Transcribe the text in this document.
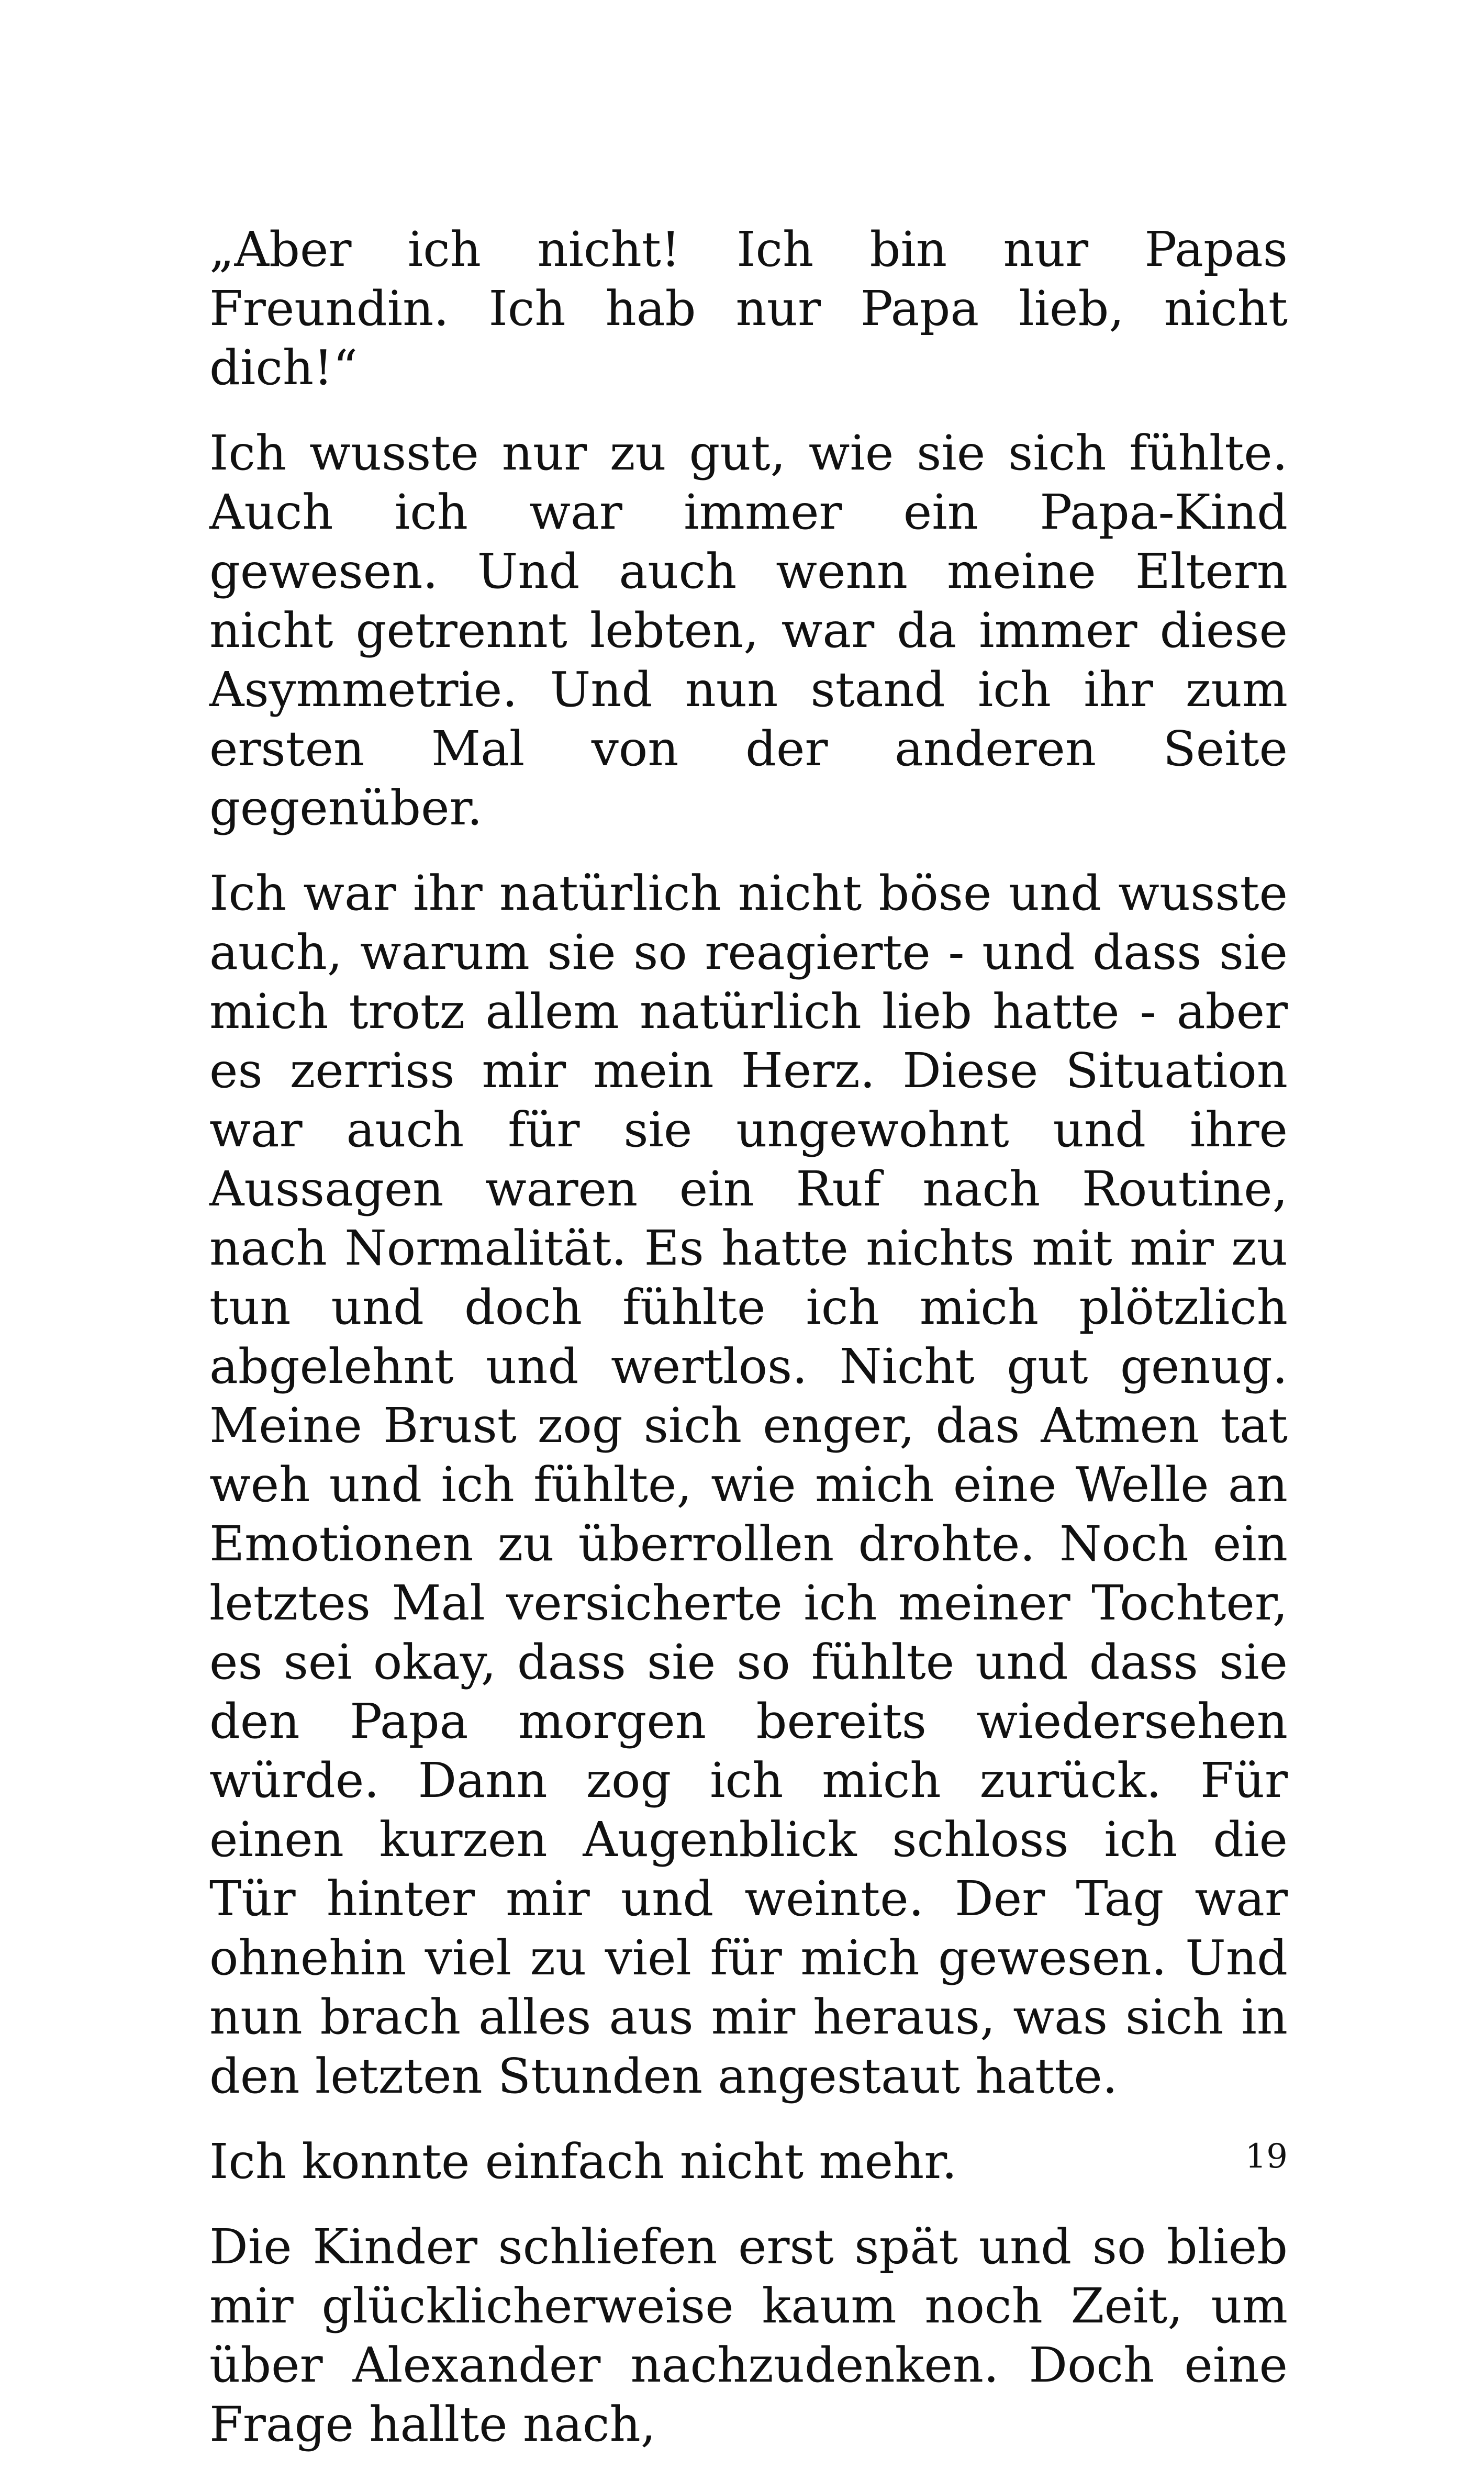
„Aber ich nicht! Ich bin nur Papas Freundin. Ich hab nur Papa lieb, nicht dich!“

Ich wusste nur zu gut, wie sie sich fühlte. Auch ich war immer ein Papa-Kind gewesen. Und auch wenn meine Eltern nicht getrennt lebten, war da immer diese Asymmetrie. Und nun stand ich ihr zum ersten Mal von der anderen Seite gegenüber.

Ich war ihr natürlich nicht böse und wusste auch, warum sie so reagierte - und dass sie mich trotz allem natürlich lieb hatte - aber es zerriss mir mein Herz. Diese Situation war auch für sie ungewohnt und ihre Aussagen waren ein Ruf nach Routine, nach Normalität. Es hatte nichts mit mir zu tun und doch fühlte ich mich plötzlich abgelehnt und wertlos. Nicht gut genug. Meine Brust zog sich enger, das Atmen tat weh und ich fühlte, wie mich eine Welle an Emotionen zu überrollen drohte. Noch ein letztes Mal versicherte ich meiner Tochter, es sei okay, dass sie so fühlte und dass sie den Papa morgen bereits wiedersehen würde. Dann zog ich mich zurück. Für einen kurzen Augenblick schloss ich die Tür hinter mir und weinte. Der Tag war ohnehin viel zu viel für mich gewesen. Und nun brach alles aus mir heraus, was sich in den letzten Stunden angestaut hatte.

Ich konnte einfach nicht mehr.

Die Kinder schliefen erst spät und so blieb mir glücklicherweise kaum noch Zeit, um über Alexander nachzudenken. Doch eine Frage hallte nach,

19
